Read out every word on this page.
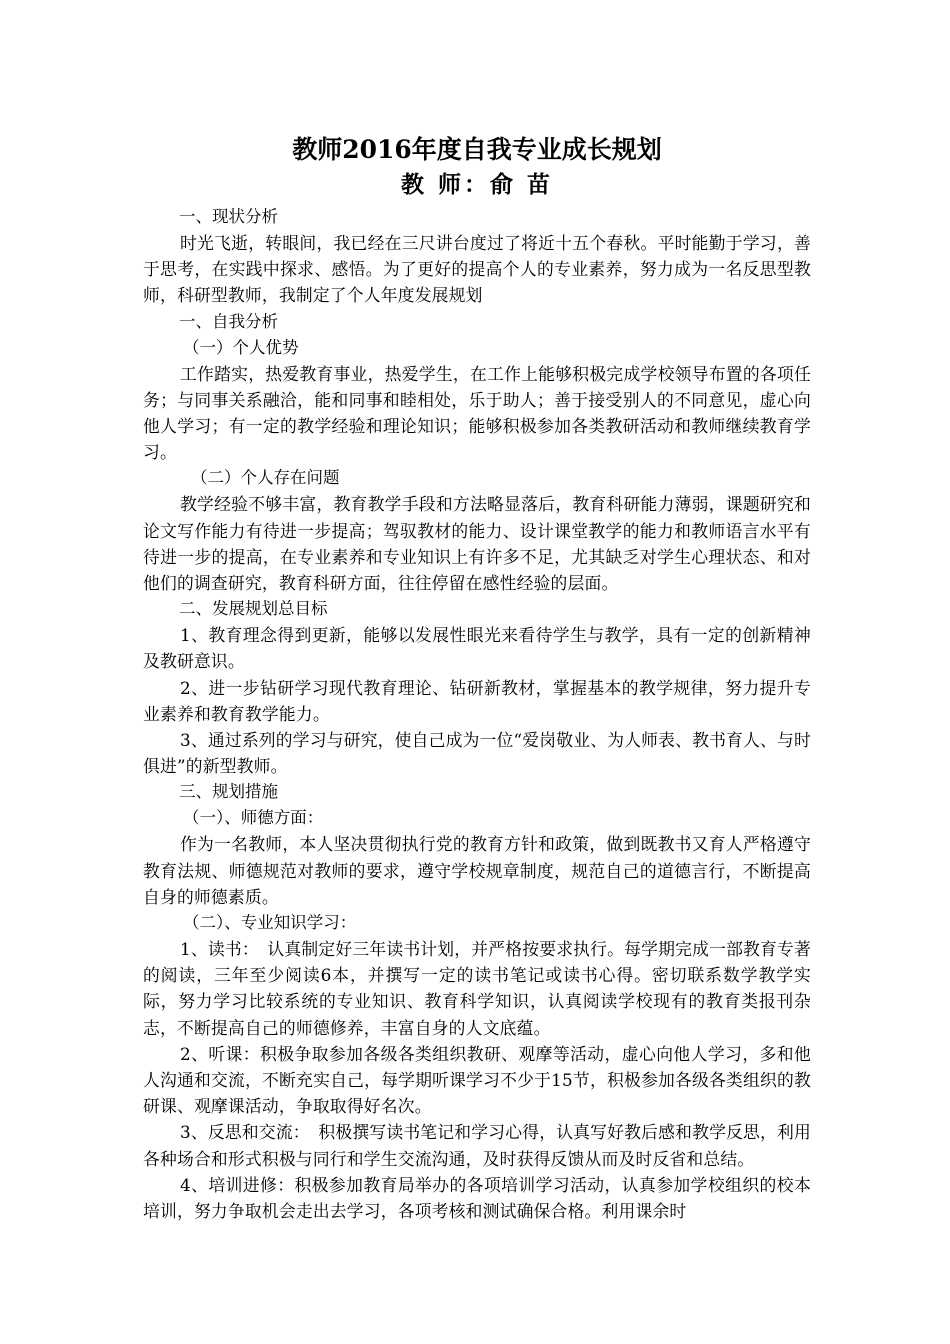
教师2016年度自我专业成长规划
教 师：俞 苗

一、现状分析

时光飞逝，转眼间，我已经在三尺讲台度过了将近十五个春秋。平时能勤于学习，善于思考，在实践中探求、感悟。为了更好的提高个人的专业素养，努力成为一名反思型教师，科研型教师，我制定了个人年度发展规划

一、自我分析

（一）个人优势

工作踏实，热爱教育事业，热爱学生，在工作上能够积极完成学校领导布置的各项任务；与同事关系融洽，能和同事和睦相处，乐于助人；善于接受别人的不同意见，虚心向他人学习；有一定的教学经验和理论知识；能够积极参加各类教研活动和教师继续教育学习。

（二）个人存在问题

教学经验不够丰富，教育教学手段和方法略显落后，教育科研能力薄弱，课题研究和论文写作能力有待进一步提高；驾驭教材的能力、设计课堂教学的能力和教师语言水平有待进一步的提高，在专业素养和专业知识上有许多不足，尤其缺乏对学生心理状态、和对他们的调查研究，教育科研方面，往往停留在感性经验的层面。

二、发展规划总目标

1、教育理念得到更新，能够以发展性眼光来看待学生与教学，具有一定的创新精神及教研意识。

2、进一步钻研学习现代教育理论、钻研新教材，掌握基本的教学规律，努力提升专业素养和教育教学能力。

3、通过系列的学习与研究，使自己成为一位“爱岗敬业、为人师表、教书育人、与时俱进”的新型教师。

三、规划措施

（一）、师德方面：

作为一名教师，本人坚决贯彻执行党的教育方针和政策，做到既教书又育人严格遵守教育法规、师德规范对教师的要求，遵守学校规章制度，规范自己的道德言行，不断提高自身的师德素质。

（二）、专业知识学习：

1、读书：　认真制定好三年读书计划，并严格按要求执行。每学期完成一部教育专著的阅读，三年至少阅读6本，并撰写一定的读书笔记或读书心得。密切联系数学教学实际，努力学习比较系统的专业知识、教育科学知识，认真阅读学校现有的教育类报刊杂志，不断提高自己的师德修养，丰富自身的人文底蕴。

2、听课：积极争取参加各级各类组织教研、观摩等活动，虚心向他人学习，多和他人沟通和交流，不断充实自己，每学期听课学习不少于15节，积极参加各级各类组织的教研课、观摩课活动，争取取得好名次。

3、反思和交流：　积极撰写读书笔记和学习心得，认真写好教后感和教学反思，利用各种场合和形式积极与同行和学生交流沟通，及时获得反馈从而及时反省和总结。

4、培训进修：积极参加教育局举办的各项培训学习活动，认真参加学校组织的校本培训，努力争取机会走出去学习，各项考核和测试确保合格。利用课余时
